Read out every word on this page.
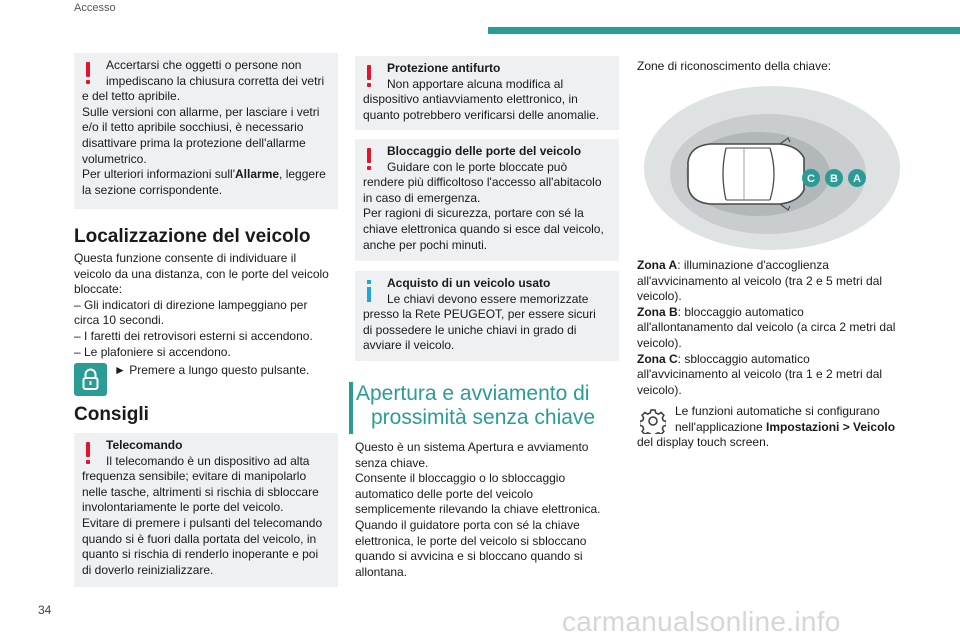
Accesso

Accertarsi che oggetti o persone non

impediscano la chiusura corretta dei vetri

e del tetto apribile.

Sulle versioni con allarme, per lasciare i vetri

e/o il tetto apribile socchiusi, è necessario

disattivare prima la protezione dell'allarme

volumetrico.

Per ulteriori informazioni sull'Allarme, leggere

la sezione corrispondente.

Localizzazione del veicolo

Questa funzione consente di individuare il

veicolo da una distanza, con le porte del veicolo

bloccate:

– Gli indicatori di direzione lampeggiano per

circa 10 secondi.

– I faretti dei retrovisori esterni si accendono.

– Le plafoniere si accendono.

► Premere a lungo questo pulsante.
Consigli

Telecomando

Il telecomando è un dispositivo ad alta

frequenza sensibile; evitare di manipolarlo

nelle tasche, altrimenti si rischia di sbloccare

involontariamente le porte del veicolo.

Evitare di premere i pulsanti del telecomando

quando si è fuori dalla portata del veicolo, in

quanto si rischia di renderlo inoperante e poi

di doverlo reinizializzare.

Protezione antifurto

Non apportare alcuna modifica al

dispositivo antiavviamento elettronico, in

quanto potrebbero verificarsi delle anomalie.

Bloccaggio delle porte del veicolo

Guidare con le porte bloccate può

rendere più difficoltoso l'accesso all'abitacolo

in caso di emergenza.

Per ragioni di sicurezza, portare con sé la

chiave elettronica quando si esce dal veicolo,

anche per pochi minuti.

Acquisto di un veicolo usato

Le chiavi devono essere memorizzate

presso la Rete PEUGEOT, per essere sicuri

di possedere le uniche chiavi in grado di

avviare il veicolo.

Apertura e avviamento di
prossimità senza chiave

Questo è un sistema Apertura e avviamento

senza chiave.

Consente il bloccaggio o lo sbloccaggio

automatico delle porte del veicolo

semplicemente rilevando la chiave elettronica.

Quando il guidatore porta con sé la chiave

elettronica, le porte del veicolo si sbloccano

quando si avvicina e si bloccano quando si

allontana.

Zone di riconoscimento della chiave:
C B A

Zona A: illuminazione d'accoglienza

all'avvicinamento al veicolo (tra 2 e 5 metri dal

veicolo).

Zona B: bloccaggio automatico

all'allontanamento dal veicolo (a circa 2 metri dal

veicolo).

Zona C: sbloccaggio automatico

all'avvicinamento al veicolo (tra 1 e 2 metri dal

veicolo).

Le funzioni automatiche si configurano

nell'applicazione Impostazioni > Veicolo

del display touch screen.

34	carmanualsonline.info
